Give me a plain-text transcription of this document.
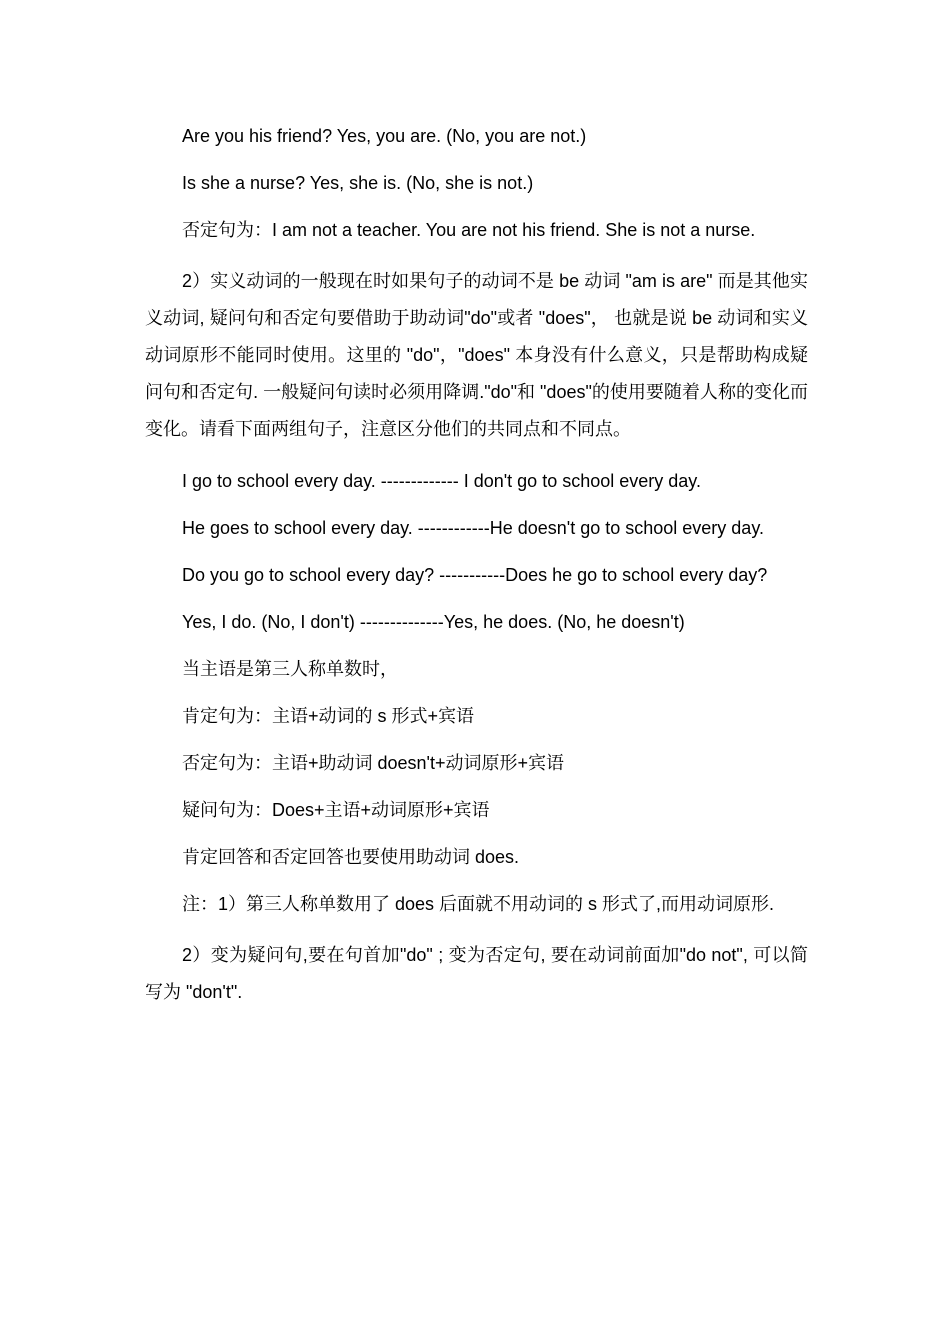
Are you his friend? Yes, you are. (No, you are not.)

Is she a nurse? Yes, she is. (No, she is not.)

否定句为：I am not a teacher. You are not his friend. She is not a nurse.

2）实义动词的一般现在时如果句子的动词不是 be 动词 "am is are" 而是其他实义动词, 疑问句和否定句要借助于助动词"do"或者 "does"， 也就是说 be 动词和实义动词原形不能同时使用。这里的 "do"，"does" 本身没有什么意义，只是帮助构成疑问句和否定句. 一般疑问句读时必须用降调."do"和 "does"的使用要随着人称的变化而变化。请看下面两组句子，注意区分他们的共同点和不同点。

I go to school every day. ------------- I don't go to school every day.

He goes to school every day. ------------He doesn't go to school every day.

Do you go to school every day? -----------Does he go to school every day?

Yes, I do. (No, I don't) --------------Yes, he does. (No, he doesn't)

当主语是第三人称单数时，

肯定句为：主语+动词的 s 形式+宾语

否定句为：主语+助动词 doesn't+动词原形+宾语

疑问句为：Does+主语+动词原形+宾语

肯定回答和否定回答也要使用助动词 does.

注：1）第三人称单数用了 does 后面就不用动词的 s 形式了,而用动词原形.

2）变为疑问句,要在句首加"do" ; 变为否定句, 要在动词前面加"do not", 可以简写为 "don't".
